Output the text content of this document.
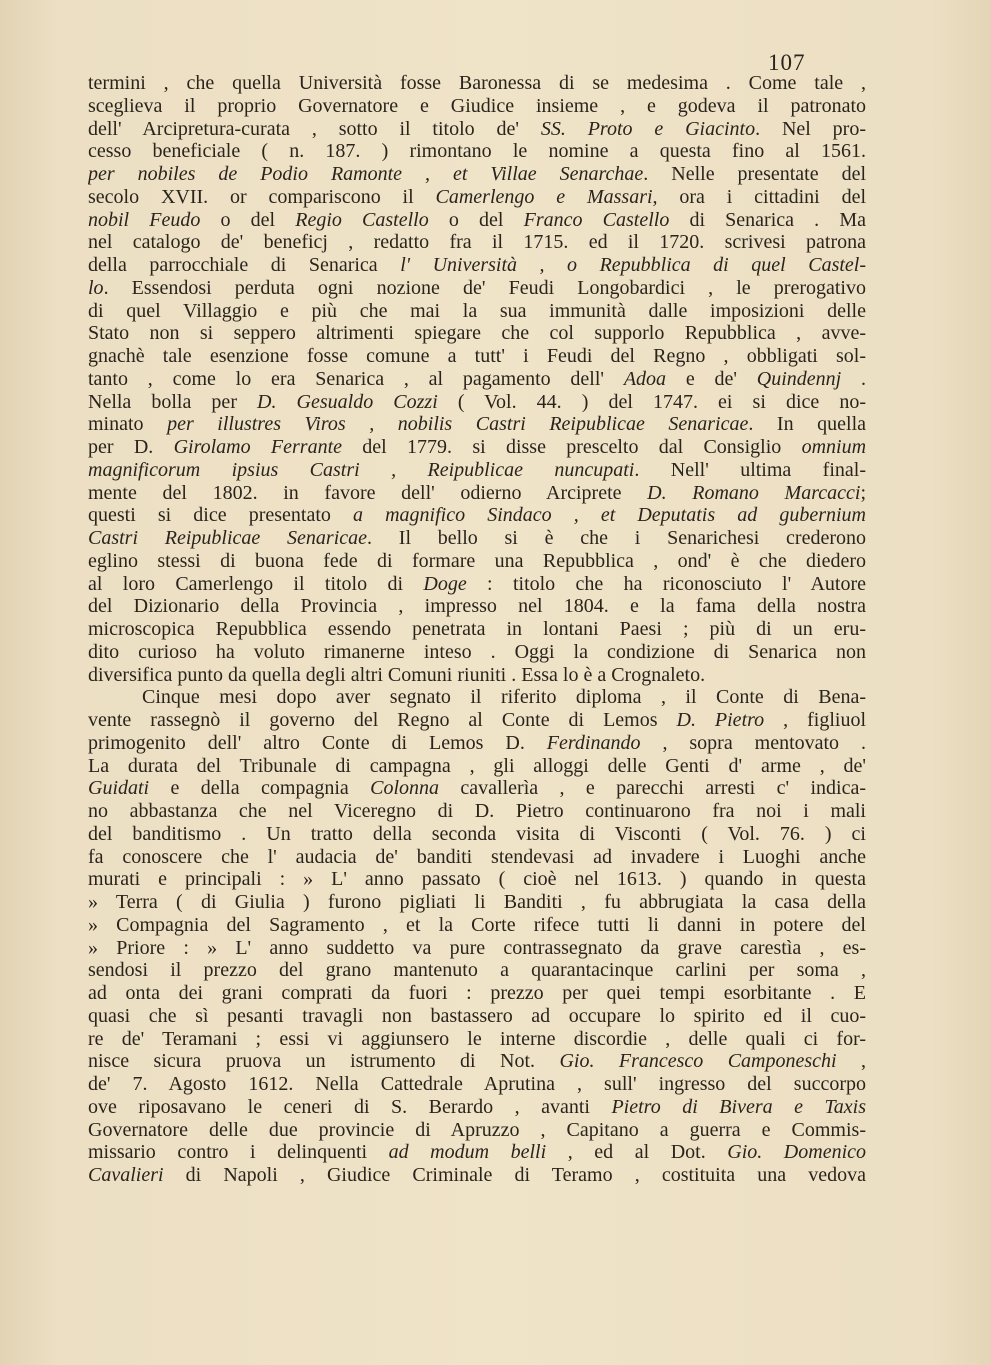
107
termini , che quella Università fosse Baronessa di se medesima . Come tale ,
sceglieva il proprio Governatore e Giudice insieme , e godeva il patronato
dell' Arcipretura-curata , sotto il titolo de' SS. Proto e Giacinto. Nel pro-
cesso beneficiale ( n. 187. ) rimontano le nomine a questa fino al 1561.
per nobiles de Podio Ramonte , et Villae Senarchae. Nelle presentate del
secolo XVII. or compariscono il Camerlengo e Massari, ora i cittadini del
nobil Feudo o del Regio Castello o del Franco Castello di Senarica . Ma
nel catalogo de' beneficj , redatto fra il 1715. ed il 1720. scrivesi patrona
della parrocchiale di Senarica l' Università , o Repubblica di quel Castel-
lo. Essendosi perduta ogni nozione de' Feudi Longobardici , le prerogativo
di quel Villaggio e più che mai la sua immunità dalle imposizioni delle
Stato non si seppero altrimenti spiegare che col supporlo Repubblica , avve-
gnachè tale esenzione fosse comune a tutt' i Feudi del Regno , obbligati sol-
tanto , come lo era Senarica , al pagamento dell' Adoa e de' Quindennj .
Nella bolla per D. Gesualdo Cozzi ( Vol. 44. ) del 1747. ei si dice no-
minato per illustres Viros , nobilis Castri Reipublicae Senaricae. In quella
per D. Girolamo Ferrante del 1779. si disse prescelto dal Consiglio omnium
magnificorum ipsius Castri , Reipublicae nuncupati. Nell' ultima final-
mente del 1802. in favore dell' odierno Arciprete D. Romano Marcacci;
questi si dice presentato a magnifico Sindaco , et Deputatis ad gubernium
Castri Reipublicae Senaricae. Il bello si è che i Senarichesi crederono
eglino stessi di buona fede di formare una Repubblica , ond' è che diedero
al loro Camerlengo il titolo di Doge : titolo che ha riconosciuto l' Autore
del Dizionario della Provincia , impresso nel 1804. e la fama della nostra
microscopica Repubblica essendo penetrata in lontani Paesi ; più di un eru-
dito curioso ha voluto rimanerne inteso . Oggi la condizione di Senarica non
diversifica punto da quella degli altri Comuni riuniti . Essa lo è a Crognaleto.
Cinque mesi dopo aver segnato il riferito diploma , il Conte di Bena-
vente rassegnò il governo del Regno al Conte di Lemos D. Pietro , figliuol
primogenito dell' altro Conte di Lemos D. Ferdinando , sopra mentovato .
La durata del Tribunale di campagna , gli alloggi delle Genti d' arme , de'
Guidati e della compagnia Colonna cavallerìa , e parecchi arresti c' indica-
no abbastanza che nel Viceregno di D. Pietro continuarono fra noi i mali
del banditismo . Un tratto della seconda visita di Visconti ( Vol. 76. ) ci
fa conoscere che l' audacia de' banditi stendevasi ad invadere i Luoghi anche
murati e principali : » L' anno passato ( cioè nel 1613. ) quando in questa
» Terra ( di Giulia ) furono pigliati li Banditi , fu abbrugiata la casa della
» Compagnia del Sagramento , et la Corte rifece tutti li danni in potere del
» Priore : » L' anno suddetto va pure contrassegnato da grave carestìa , es-
sendosi il prezzo del grano mantenuto a quarantacinque carlini per soma ,
ad onta dei grani comprati da fuori : prezzo per quei tempi esorbitante . E
quasi che sì pesanti travagli non bastassero ad occupare lo spirito ed il cuo-
re de' Teramani ; essi vi aggiunsero le interne discordie , delle quali ci for-
nisce sicura pruova un istrumento di Not. Gio. Francesco Camponeschi ,
de' 7. Agosto 1612. Nella Cattedrale Aprutina , sull' ingresso del succorpo
ove riposavano le ceneri di S. Berardo , avanti Pietro di Bivera e Taxis
Governatore delle due provincie di Apruzzo , Capitano a guerra e Commis-
missario contro i delinquenti ad modum belli , ed al Dot. Gio. Domenico
Cavalieri di Napoli , Giudice Criminale di Teramo , costituita una vedova
